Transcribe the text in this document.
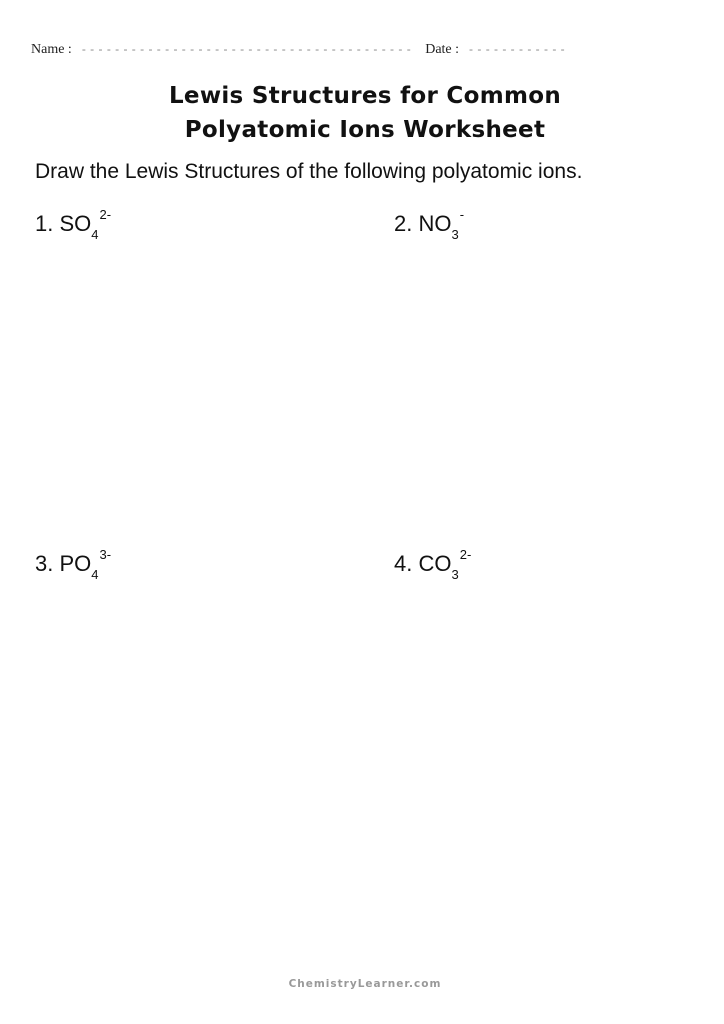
Name : - - - - - - - - - - - - - - - - - - - - - - - - - - - - - - - - - - - - - - - - Date : - - - - - - - - - - - -
Lewis Structures for Common
Polyatomic Ions Worksheet
Draw the Lewis Structures of the following polyatomic ions.
1. $SO_4^{2-}$	2. $NO_3^-$
3. $PO_4^{3-}$	4. $CO_3^{2-}$
ChemistryLearner.com
